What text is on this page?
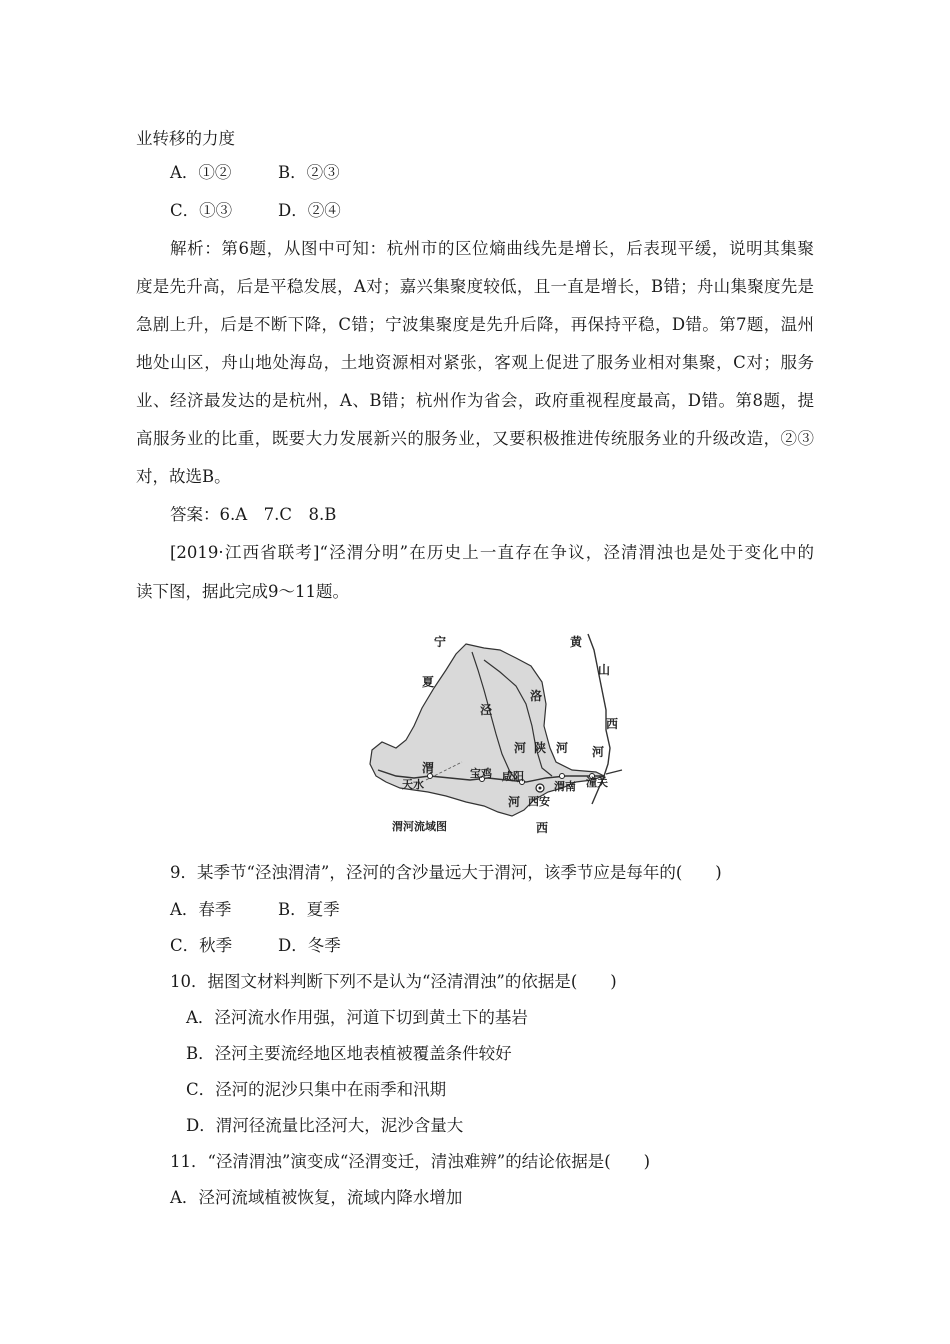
业转移的力度
A．①②	B．②③
C．①③	D．②④
解析：第6题，从图中可知：杭州市的区位熵曲线先是增长，后表现平缓，说明其集聚
度是先升高，后是平稳发展，A对；嘉兴集聚度较低，且一直是增长，B错；舟山集聚度先是
急剧上升，后是不断下降，C错；宁波集聚度是先升后降，再保持平稳，D错。第7题，温州
地处山区，舟山地处海岛，土地资源相对紧张，客观上促进了服务业相对集聚，C对；服务
业、经济最发达的是杭州，A、B错；杭州作为省会，政府重视程度最高，D错。第8题，提
高服务业的比重，既要大力发展新兴的服务业，又要积极推进传统服务业的升级改造，②③
对，故选B。
答案：6.A　7.C　8.B
[2019·江西省联考]“泾渭分明”在历史上一直存在争议，泾清渭浊也是处于变化中的
读下图，据此完成9～11题。
宁
夏
黄
山
西
河
泾
洛
河 陕 河
渭
河
西
天水
宝鸡 咸阳
渭南 潼关
西安
渭河流域图
9．某季节“泾浊渭清”，泾河的含沙量远大于渭河，该季节应是每年的(　　)
A．春季	B．夏季
C．秋季	D．冬季
10．据图文材料判断下列不是认为“泾清渭浊”的依据是(　　)
A．泾河流水作用强，河道下切到黄土下的基岩
B．泾河主要流经地区地表植被覆盖条件较好
C．泾河的泥沙只集中在雨季和汛期
D．渭河径流量比泾河大，泥沙含量大
11．“泾清渭浊”演变成“泾渭变迁，清浊难辨”的结论依据是(　　)
A．泾河流域植被恢复，流域内降水增加
